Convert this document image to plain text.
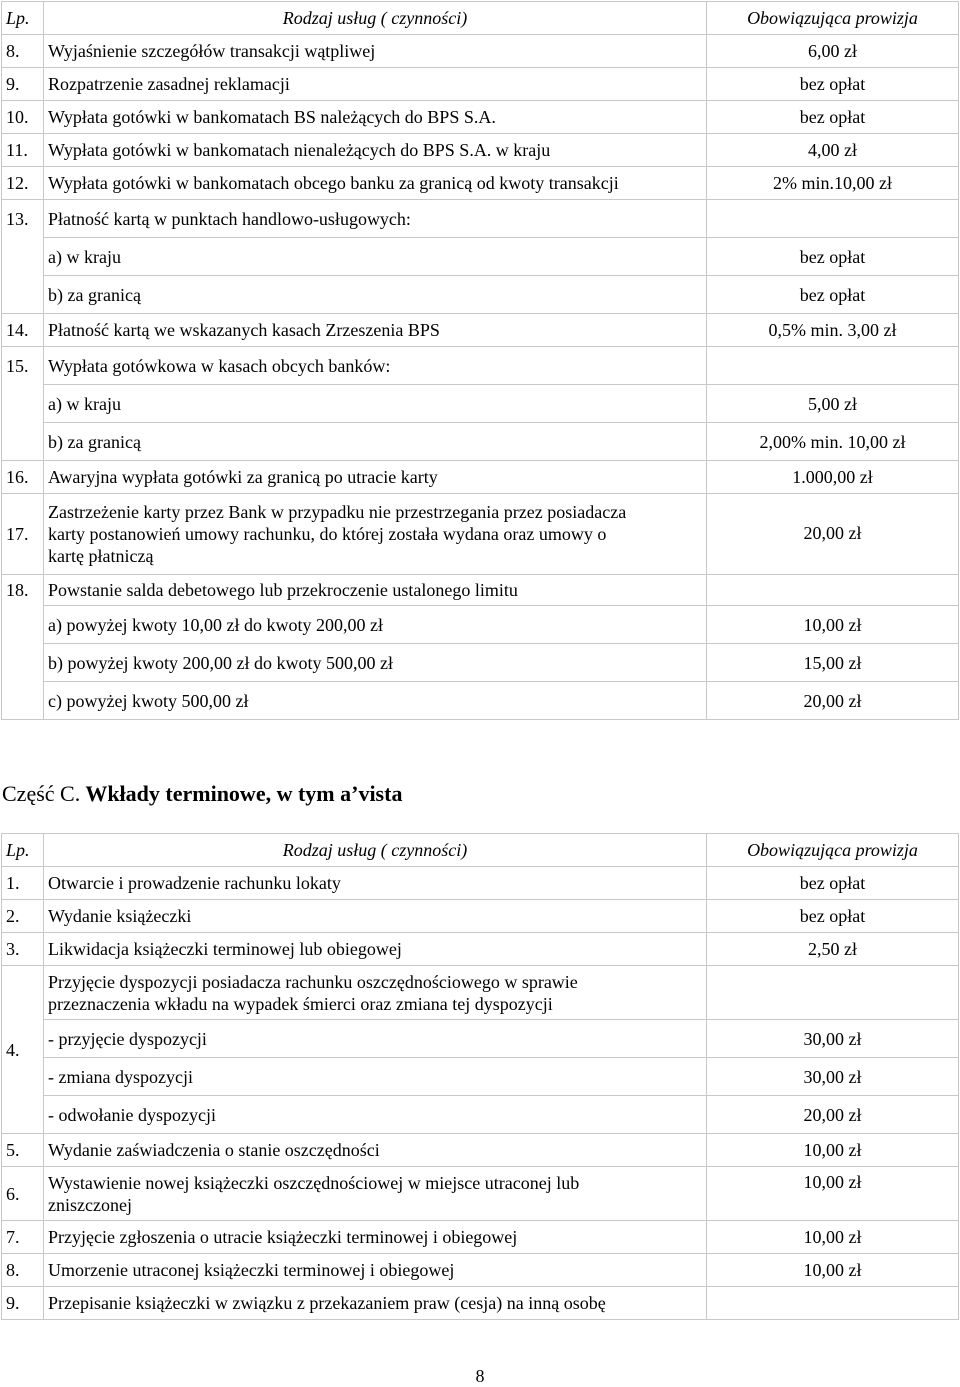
Lp.	Rodzaj usług ( czynności)	Obowiązująca prowizja
8.	Wyjaśnienie szczegółów transakcji wątpliwej	6,00 zł
9.	Rozpatrzenie zasadnej reklamacji	bez opłat
10.	Wypłata gotówki w bankomatach BS należących do BPS S.A.	bez opłat
11.	Wypłata gotówki w bankomatach nienależących do BPS S.A. w kraju	4,00 zł
12.	Wypłata gotówki w bankomatach obcego banku za granicą od kwoty transakcji	2% min.10,00 zł
13.	Płatność kartą w punktach handlowo-usługowych:	
	a) w kraju	bez opłat
	b) za granicą	bez opłat
14.	Płatność kartą we wskazanych kasach Zrzeszenia BPS	0,5% min. 3,00 zł
15.	Wypłata gotówkowa w kasach obcych banków:	
	a) w kraju	5,00 zł
	b) za granicą	2,00% min. 10,00 zł
16.	Awaryjna wypłata gotówki za granicą po utracie karty	1.000,00 zł
17.	Zastrzeżenie karty przez Bank w przypadku nie przestrzegania przez posiadacza
karty postanowień umowy rachunku, do której została wydana oraz umowy o
kartę płatniczą	20,00 zł
18.	Powstanie salda debetowego lub przekroczenie ustalonego limitu	
	a) powyżej kwoty 10,00 zł do kwoty 200,00 zł	10,00 zł
	b) powyżej kwoty 200,00 zł do kwoty 500,00 zł	15,00 zł
	c) powyżej kwoty 500,00 zł	20,00 zł
Część C. Wkłady terminowe, w tym a’vista
Lp.	Rodzaj usług ( czynności)	Obowiązująca prowizja
1.	Otwarcie i prowadzenie rachunku lokaty	bez opłat
2.	Wydanie książeczki	bez opłat
3.	Likwidacja książeczki terminowej lub obiegowej	2,50 zł
4.	Przyjęcie dyspozycji posiadacza rachunku oszczędnościowego w sprawie
przeznaczenia wkładu na wypadek śmierci oraz zmiana tej dyspozycji	

	- przyjęcie dyspozycji	30,00 zł
	- zmiana dyspozycji	30,00 zł
	- odwołanie dyspozycji	20,00 zł
5.	Wydanie zaświadczenia o stanie oszczędności	10,00 zł
6.	Wystawienie nowej książeczki oszczędnościowej w miejsce utraconej lub
zniszczonej	10,00 zł
7.	Przyjęcie zgłoszenia o utracie książeczki terminowej i obiegowej	10,00 zł
8.	Umorzenie utraconej książeczki terminowej i obiegowej	10,00 zł
9.	Przepisanie książeczki w związku z przekazaniem praw (cesja) na inną osobę	
8
